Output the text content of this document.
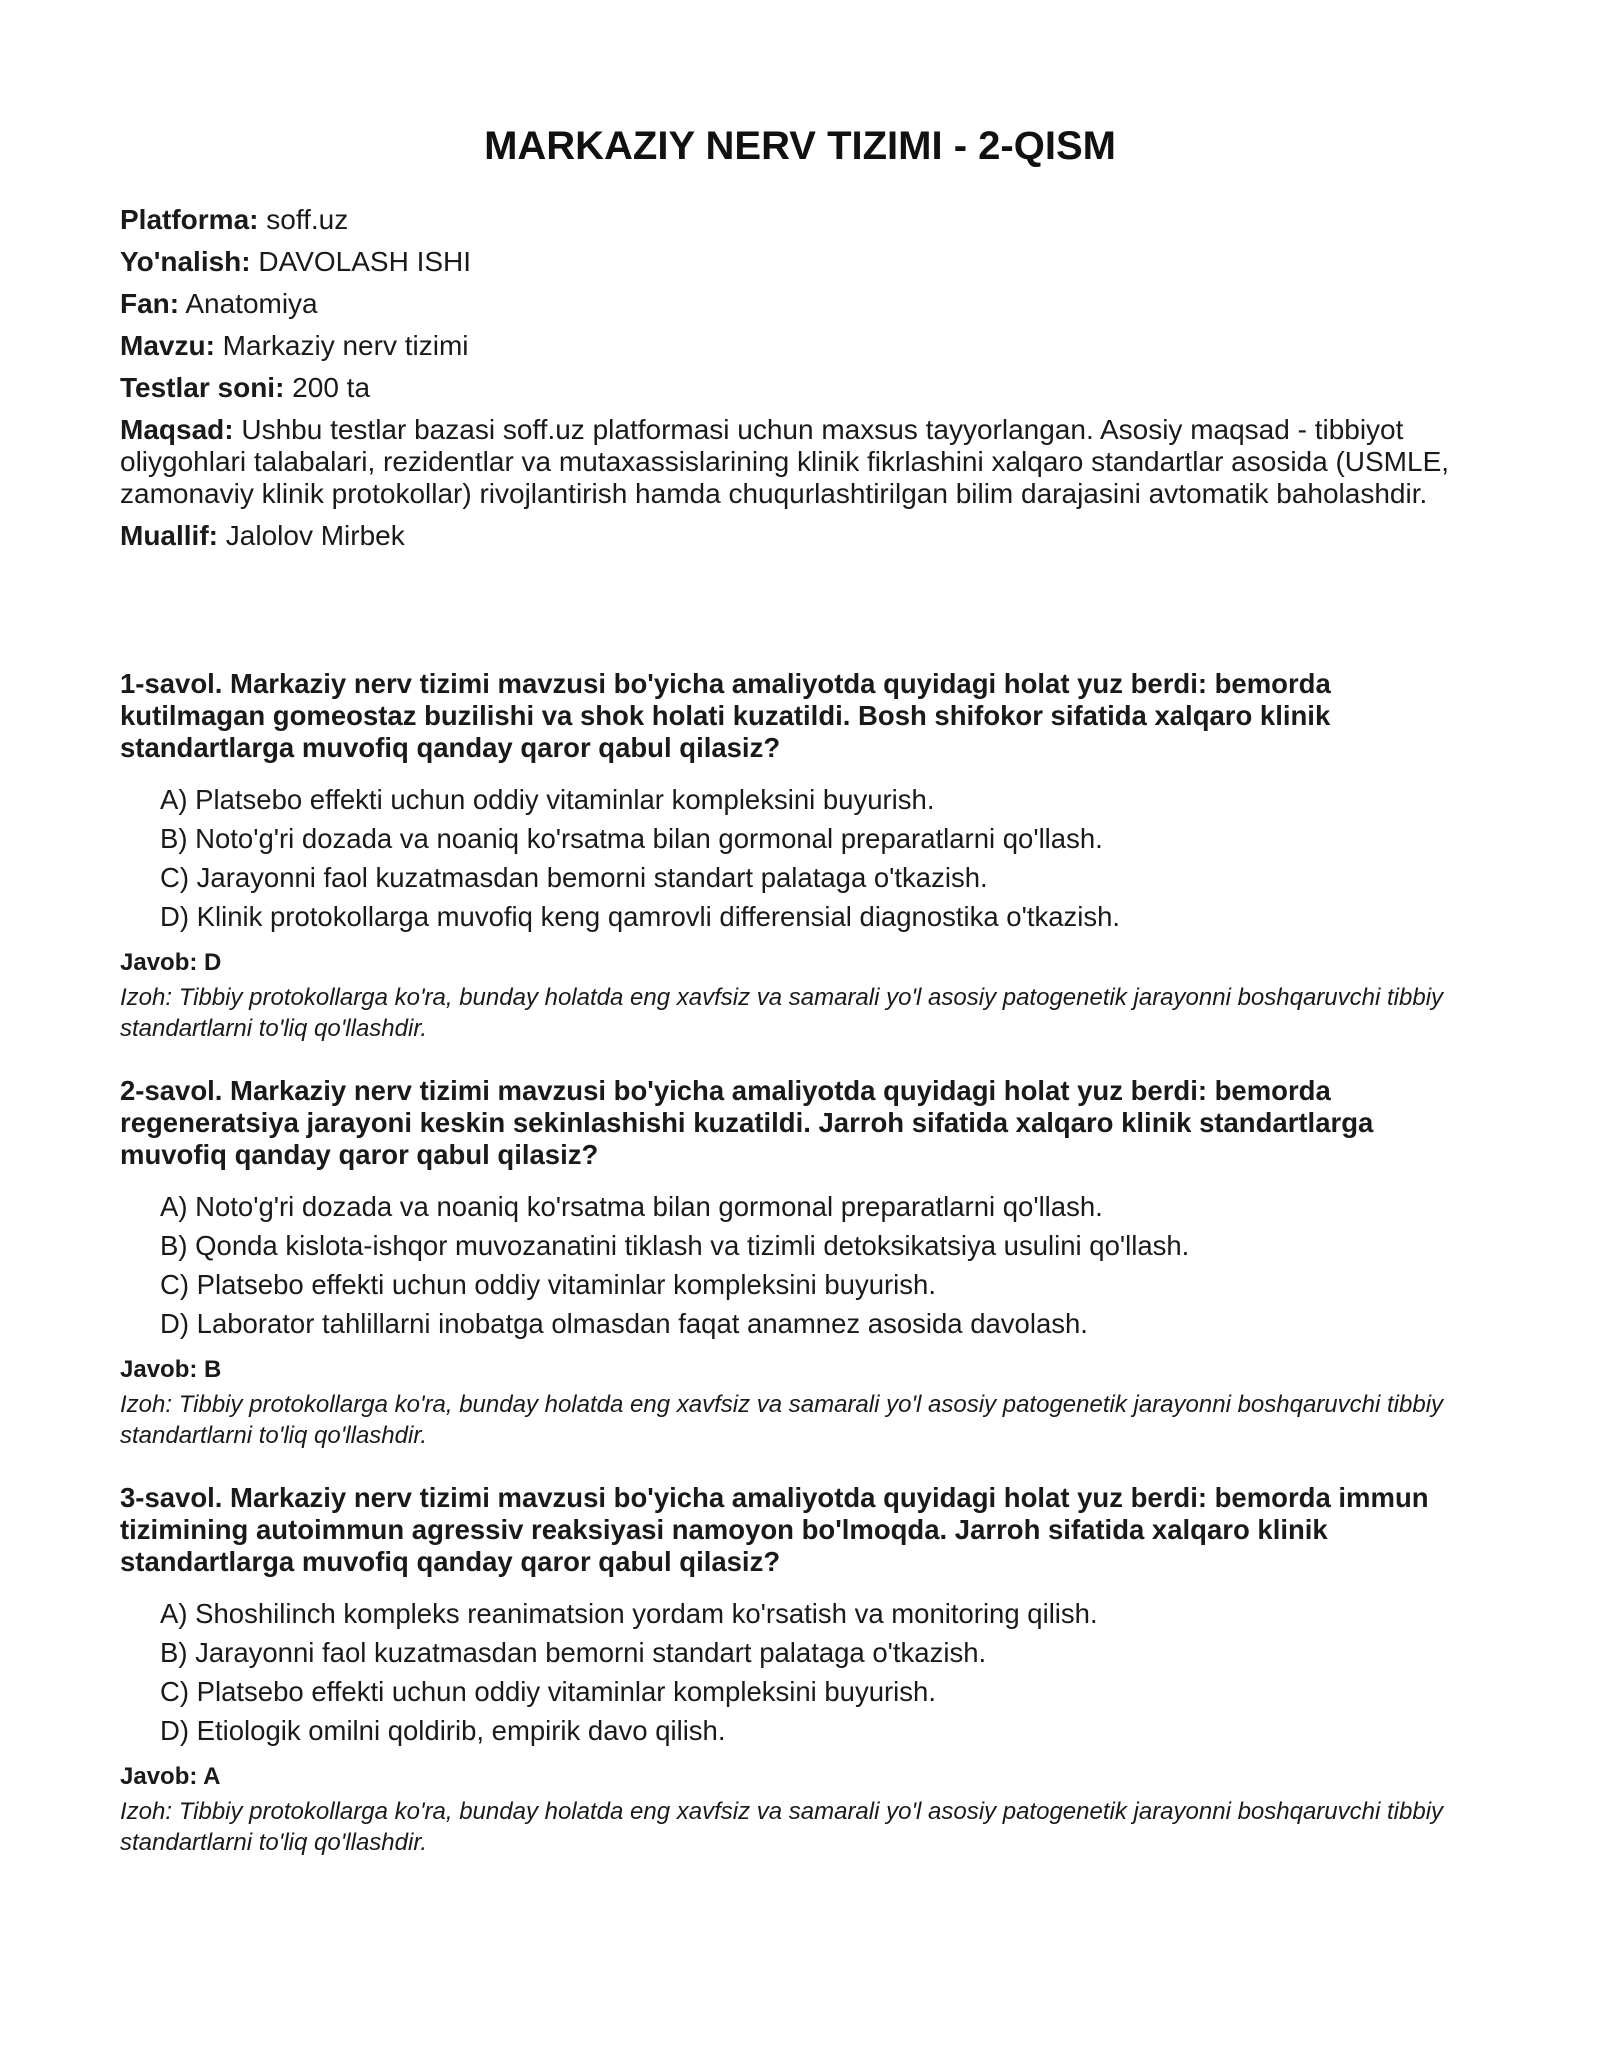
MARKAZIY NERV TIZIMI - 2-QISM

Platforma: soff.uz

Yo'nalish: DAVOLASH ISHI

Fan: Anatomiya

Mavzu: Markaziy nerv tizimi

Testlar soni: 200 ta

Maqsad: Ushbu testlar bazasi soff.uz platformasi uchun maxsus tayyorlangan. Asosiy maqsad - tibbiyot oliygohlari talabalari, rezidentlar va mutaxassislarining klinik fikrlashini xalqaro standartlar asosida (USMLE, zamonaviy klinik protokollar) rivojlantirish hamda chuqurlashtirilgan bilim darajasini avtomatik baholashdir.

Muallif: Jalolov Mirbek

1-savol. Markaziy nerv tizimi mavzusi bo'yicha amaliyotda quyidagi holat yuz berdi: bemorda kutilmagan gomeostaz buzilishi va shok holati kuzatildi. Bosh shifokor sifatida xalqaro klinik standartlarga muvofiq qanday qaror qabul qilasiz?

A) Platsebo effekti uchun oddiy vitaminlar kompleksini buyurish.

B) Noto'g'ri dozada va noaniq ko'rsatma bilan gormonal preparatlarni qo'llash.

C) Jarayonni faol kuzatmasdan bemorni standart palataga o'tkazish.

D) Klinik protokollarga muvofiq keng qamrovli differensial diagnostika o'tkazish.

Javob: D

Izoh: Tibbiy protokollarga ko'ra, bunday holatda eng xavfsiz va samarali yo'l asosiy patogenetik jarayonni boshqaruvchi tibbiy standartlarni to'liq qo'llashdir.

2-savol. Markaziy nerv tizimi mavzusi bo'yicha amaliyotda quyidagi holat yuz berdi: bemorda regeneratsiya jarayoni keskin sekinlashishi kuzatildi. Jarroh sifatida xalqaro klinik standartlarga muvofiq qanday qaror qabul qilasiz?

A) Noto'g'ri dozada va noaniq ko'rsatma bilan gormonal preparatlarni qo'llash.

B) Qonda kislota-ishqor muvozanatini tiklash va tizimli detoksikatsiya usulini qo'llash.

C) Platsebo effekti uchun oddiy vitaminlar kompleksini buyurish.

D) Laborator tahlillarni inobatga olmasdan faqat anamnez asosida davolash.

Javob: B

Izoh: Tibbiy protokollarga ko'ra, bunday holatda eng xavfsiz va samarali yo'l asosiy patogenetik jarayonni boshqaruvchi tibbiy standartlarni to'liq qo'llashdir.

3-savol. Markaziy nerv tizimi mavzusi bo'yicha amaliyotda quyidagi holat yuz berdi: bemorda immun tizimining autoimmun agressiv reaksiyasi namoyon bo'lmoqda. Jarroh sifatida xalqaro klinik standartlarga muvofiq qanday qaror qabul qilasiz?

A) Shoshilinch kompleks reanimatsion yordam ko'rsatish va monitoring qilish.

B) Jarayonni faol kuzatmasdan bemorni standart palataga o'tkazish.

C) Platsebo effekti uchun oddiy vitaminlar kompleksini buyurish.

D) Etiologik omilni qoldirib, empirik davo qilish.

Javob: A

Izoh: Tibbiy protokollarga ko'ra, bunday holatda eng xavfsiz va samarali yo'l asosiy patogenetik jarayonni boshqaruvchi tibbiy standartlarni to'liq qo'llashdir.
